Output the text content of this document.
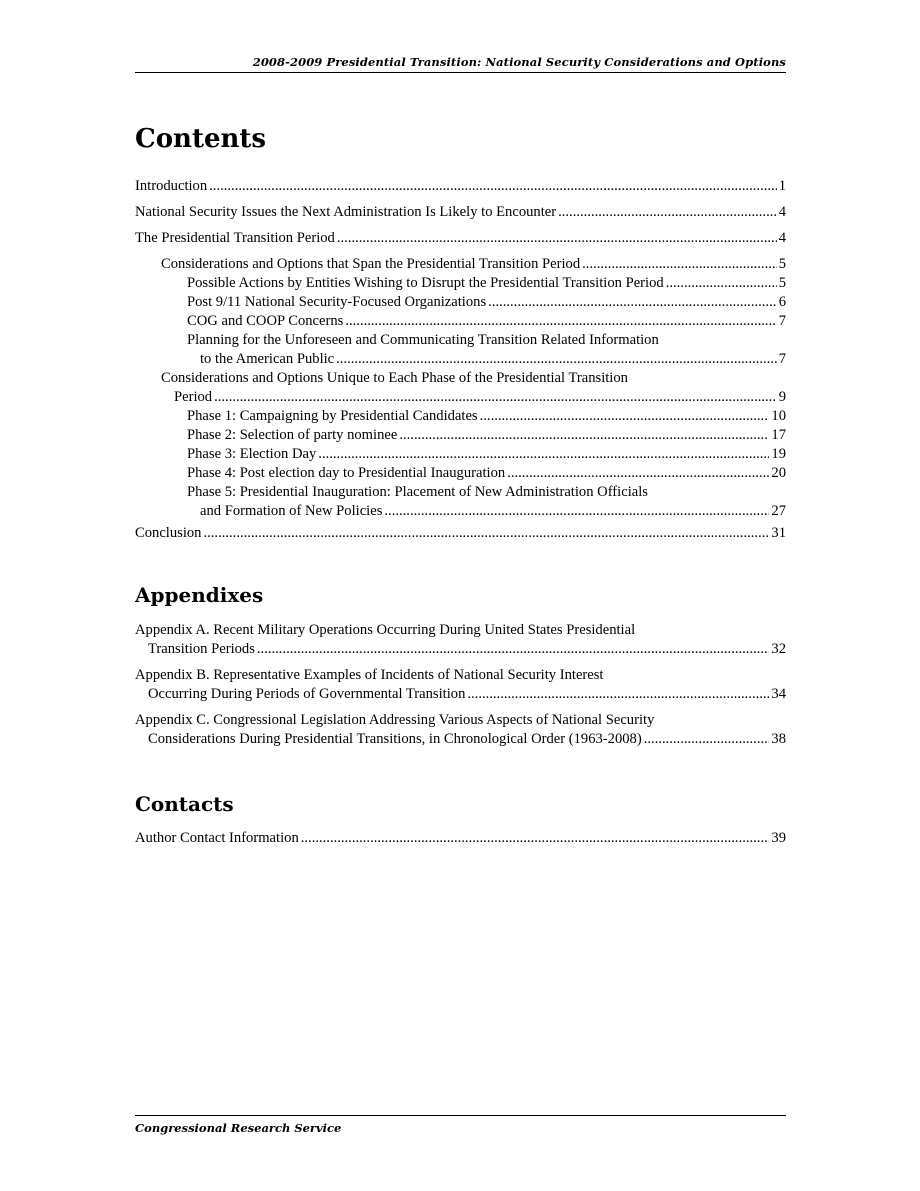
2008-2009 Presidential Transition: National Security Considerations and Options
Contents
Introduction .....	1
National Security Issues the Next Administration Is Likely to Encounter .....	4
The Presidential Transition Period .....	4
Considerations and Options that Span the Presidential Transition Period .....	5
Possible Actions by Entities Wishing to Disrupt the Presidential Transition Period .....	5
Post 9/11 National Security-Focused Organizations .....	6
COG and COOP Concerns .....	7
Planning for the Unforeseen and Communicating Transition Related Information
to the American Public .....	7
Considerations and Options Unique to Each Phase of the Presidential Transition
Period .....	9
Phase 1: Campaigning by Presidential Candidates .....	10
Phase 2: Selection of party nominee .....	17
Phase 3: Election Day .....	19
Phase 4: Post election day to Presidential Inauguration .....	20
Phase 5: Presidential Inauguration: Placement of New Administration Officials
and Formation of New Policies .....	27
Conclusion .....	31
Appendixes
Appendix A. Recent Military Operations Occurring During United States Presidential
Transition Periods .....	32
Appendix B. Representative Examples of Incidents of National Security Interest
Occurring During Periods of Governmental Transition .....	34
Appendix C. Congressional Legislation Addressing Various Aspects of National Security
Considerations During Presidential Transitions, in Chronological Order (1963-2008) .....	38
Contacts
Author Contact Information .....	39
Congressional Research Service
